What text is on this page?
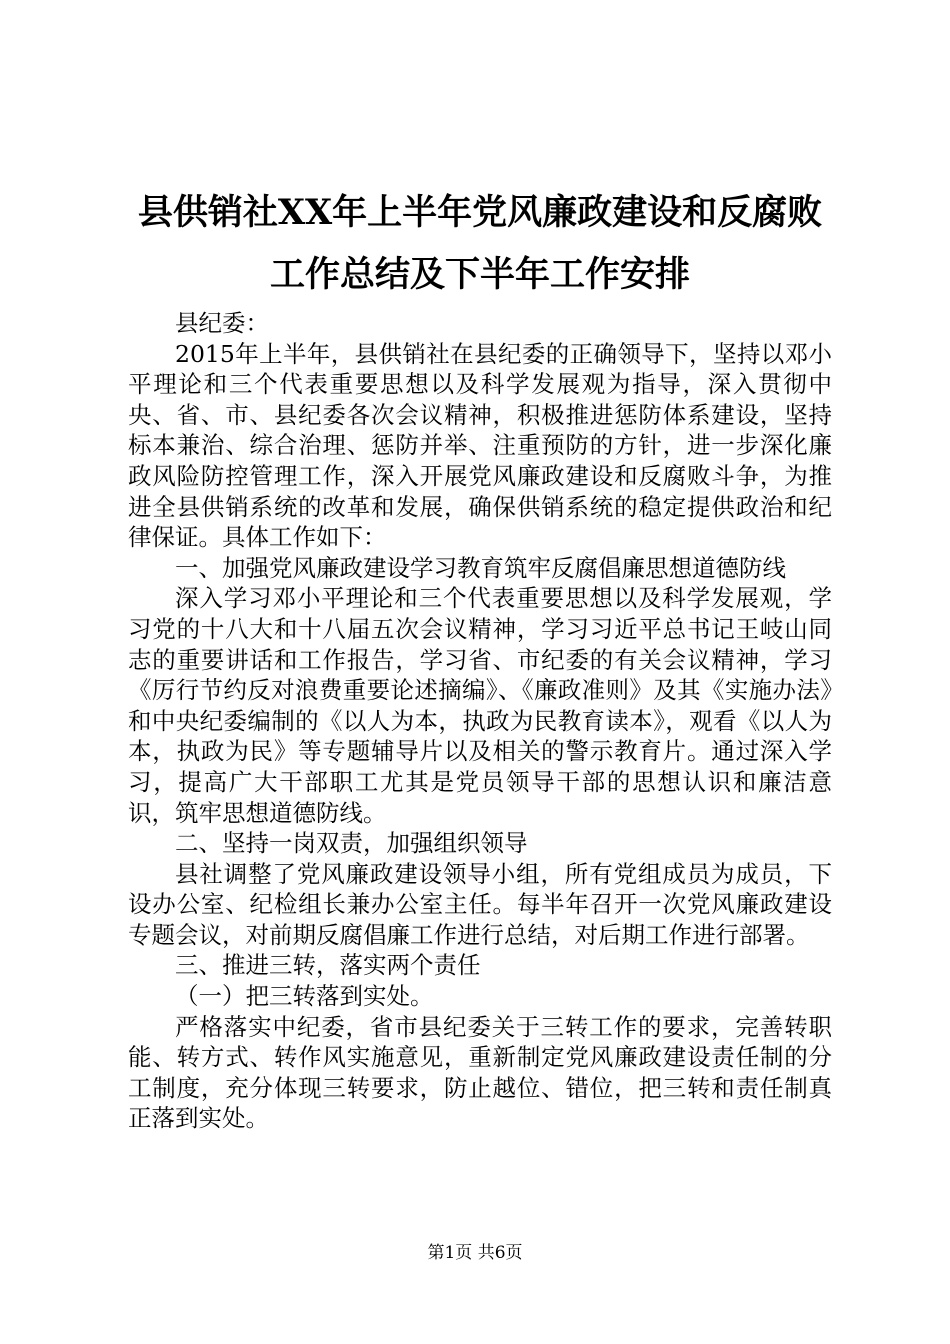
县供销社XX年上半年党风廉政建设和反腐败
工作总结及下半年工作安排

县纪委：

2015年上半年，县供销社在县纪委的正确领导下，坚持以邓小平理论和三个代表重要思想以及科学发展观为指导，深入贯彻中央、省、市、县纪委各次会议精神，积极推进惩防体系建设，坚持标本兼治、综合治理、惩防并举、注重预防的方针，进一步深化廉政风险防控管理工作，深入开展党风廉政建设和反腐败斗争，为推进全县供销系统的改革和发展，确保供销系统的稳定提供政治和纪律保证。具体工作如下：

一、加强党风廉政建设学习教育筑牢反腐倡廉思想道德防线

深入学习邓小平理论和三个代表重要思想以及科学发展观，学习党的十八大和十八届五次会议精神，学习习近平总书记王岐山同志的重要讲话和工作报告，学习省、市纪委的有关会议精神，学习《厉行节约反对浪费重要论述摘编》、《廉政准则》及其《实施办法》和中央纪委编制的《以人为本，执政为民教育读本》，观看《以人为本，执政为民》等专题辅导片以及相关的警示教育片。通过深入学习，提高广大干部职工尤其是党员领导干部的思想认识和廉洁意识，筑牢思想道德防线。

二、坚持一岗双责，加强组织领导

县社调整了党风廉政建设领导小组，所有党组成员为成员，下设办公室、纪检组长兼办公室主任。每半年召开一次党风廉政建设专题会议，对前期反腐倡廉工作进行总结，对后期工作进行部署。

三、推进三转，落实两个责任

（一）把三转落到实处。

严格落实中纪委，省市县纪委关于三转工作的要求，完善转职能、转方式、转作风实施意见，重新制定党风廉政建设责任制的分工制度，充分体现三转要求，防止越位、错位，把三转和责任制真正落到实处。

第1页 共6页
